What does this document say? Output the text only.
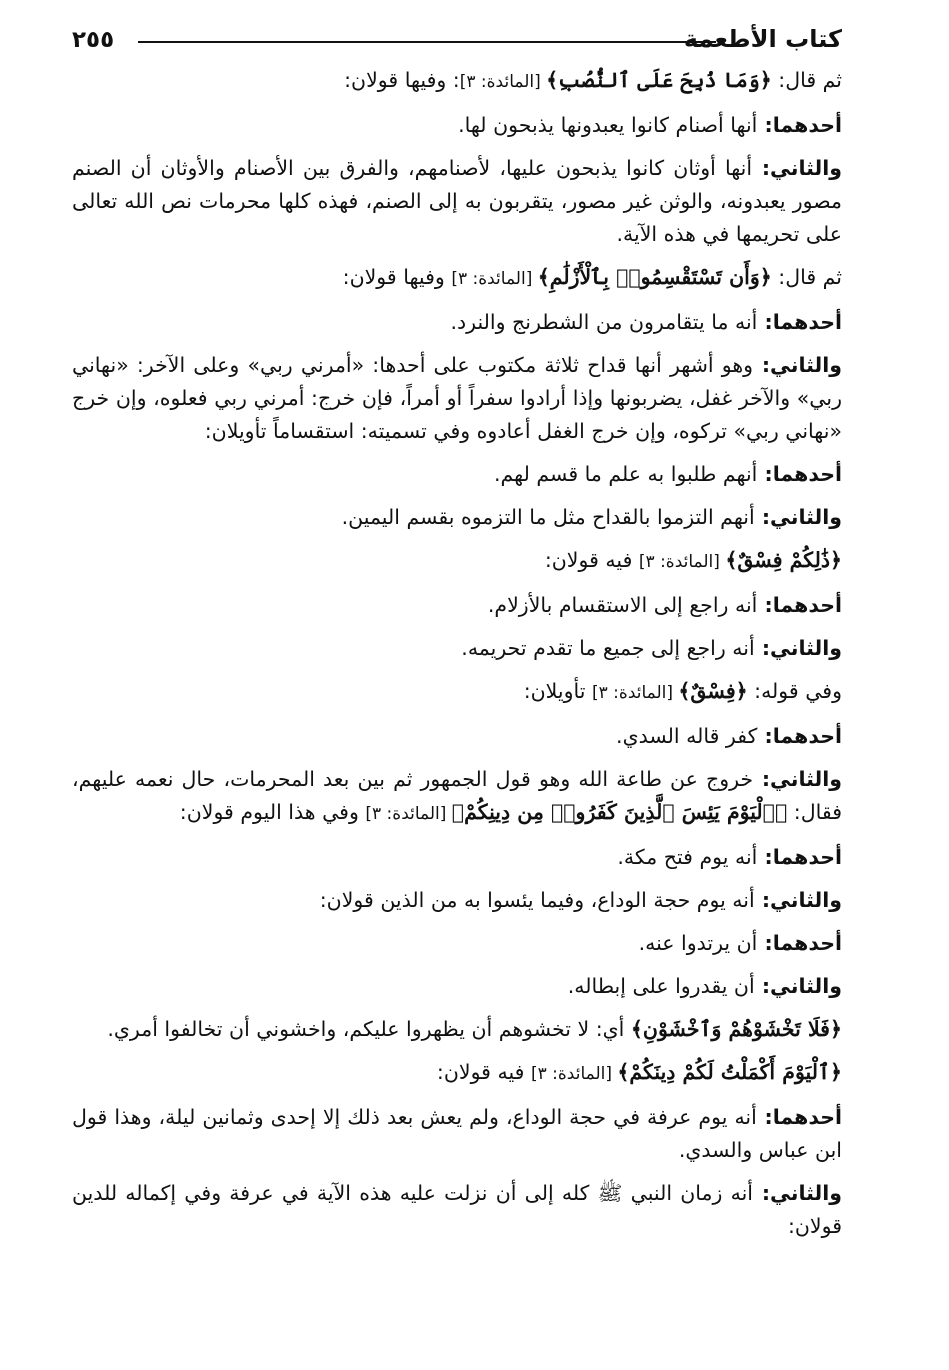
كتاب الأطعمة
٢٥٥

ثم قال: ﴿وَمَا ذُبِحَ عَلَى ٱلنُّصُبِ﴾ [المائدة: ٣]: وفيها قولان:

أحدهما: أنها أصنام كانوا يعبدونها يذبحون لها.

والثاني: أنها أوثان كانوا يذبحون عليها، لأصنامهم، والفرق بين الأصنام والأوثان أن الصنم مصور يعبدونه، والوثن غير مصور، يتقربون به إلى الصنم، فهذه كلها محرمات نص الله تعالى على تحريمها في هذه الآية.

ثم قال: ﴿وَأَن تَسْتَقْسِمُوا۟ بِٱلْأَزْلَٰمِ﴾ [المائدة: ٣] وفيها قولان:

أحدهما: أنه ما يتقامرون من الشطرنج والنرد.

والثاني: وهو أشهر أنها قداح ثلاثة مكتوب على أحدها: «أمرني ربي» وعلى الآخر: «نهاني ربي» والآخر غفل، يضربونها وإذا أرادوا سفراً أو أمراً، فإن خرج: أمرني ربي فعلوه، وإن خرج «نهاني ربي» تركوه، وإن خرج الغفل أعادوه وفي تسميته: استقساماً تأويلان:

أحدهما: أنهم طلبوا به علم ما قسم لهم.

والثاني: أنهم التزموا بالقداح مثل ما التزموه بقسم اليمين.

﴿ذَٰلِكُمْ فِسْقٌ﴾ [المائدة: ٣] فيه قولان:

أحدهما: أنه راجع إلى الاستقسام بالأزلام.

والثاني: أنه راجع إلى جميع ما تقدم تحريمه.

وفي قوله: ﴿فِسْقٌ﴾ [المائدة: ٣] تأويلان:

أحدهما: كفر قاله السدي.

والثاني: خروج عن طاعة الله وهو قول الجمهور ثم بين بعد المحرمات، حال نعمه عليهم، فقال: ﴿ٱلْيَوْمَ يَئِسَ ٱلَّذِينَ كَفَرُوا۟ مِن دِينِكُمْ﴾ [المائدة: ٣] وفي هذا اليوم قولان:

أحدهما: أنه يوم فتح مكة.

والثاني: أنه يوم حجة الوداع، وفيما يئسوا به من الذين قولان:

أحدهما: أن يرتدوا عنه.

والثاني: أن يقدروا على إبطاله.

﴿فَلَا تَخْشَوْهُمْ وَٱخْشَوْنِ﴾ أي: لا تخشوهم أن يظهروا عليكم، واخشوني أن تخالفوا أمري.

﴿ٱلْيَوْمَ أَكْمَلْتُ لَكُمْ دِينَكُمْ﴾ [المائدة: ٣] فيه قولان:

أحدهما: أنه يوم عرفة في حجة الوداع، ولم يعش بعد ذلك إلا إحدى وثمانين ليلة، وهذا قول ابن عباس والسدي.

والثاني: أنه زمان النبي ﷺ كله إلى أن نزلت عليه هذه الآية في عرفة وفي إكماله للدين قولان:
